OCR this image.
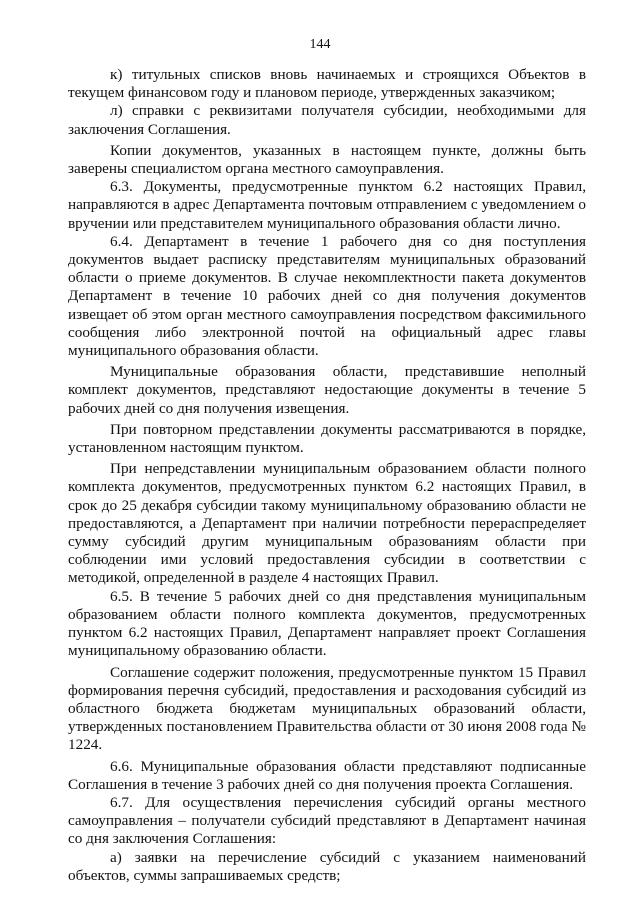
144

к) титульных списков вновь начинаемых и строящихся Объектов в текущем финансовом году и плановом периоде, утвержденных заказчиком;

л) справки с реквизитами получателя субсидии, необходимыми для заключения Соглашения.

Копии документов, указанных в настоящем пункте, должны быть заверены специалистом органа местного самоуправления.

6.3. Документы, предусмотренные пунктом 6.2 настоящих Правил, направляются в адрес Департамента почтовым отправлением с уведомлением о вручении или представителем муниципального образования области лично.

6.4. Департамент в течение 1 рабочего дня со дня поступления документов выдает расписку представителям муниципальных образований области о приеме документов. В случае некомплектности пакета документов Департамент в течение 10 рабочих дней со дня получения документов извещает об этом орган местного самоуправления посредством факсимильного сообщения либо электронной почтой на официальный адрес главы муниципального образования области.

Муниципальные образования области, представившие неполный комплект документов, представляют недостающие документы в течение 5 рабочих дней со дня получения извещения.

При повторном представлении документы рассматриваются в порядке, установленном настоящим пунктом.

При непредставлении муниципальным образованием области полного комплекта документов, предусмотренных пунктом 6.2 настоящих Правил, в срок до 25 декабря субсидии такому муниципальному образованию области не предоставляются, а Департамент при наличии потребности перераспределяет сумму субсидий другим муниципальным образованиям области при соблюдении ими условий предоставления субсидии в соответствии с методикой, определенной в разделе 4 настоящих Правил.

6.5. В течение 5 рабочих дней со дня представления муниципальным образованием области полного комплекта документов, предусмотренных пунктом 6.2 настоящих Правил, Департамент направляет проект Соглашения муниципальному образованию области.

Соглашение содержит положения, предусмотренные пунктом 15 Правил формирования перечня субсидий, предоставления и расходования субсидий из областного бюджета бюджетам муниципальных образований области, утвержденных постановлением Правительства области от 30 июня 2008 года № 1224.

6.6. Муниципальные образования области представляют подписанные Соглашения в течение 3 рабочих дней со дня получения проекта Соглашения.

6.7. Для осуществления перечисления субсидий органы местного самоуправления – получатели субсидий представляют в Департамент начиная со дня заключения Соглашения:

а) заявки на перечисление субсидий с указанием наименований объектов, суммы запрашиваемых средств;
